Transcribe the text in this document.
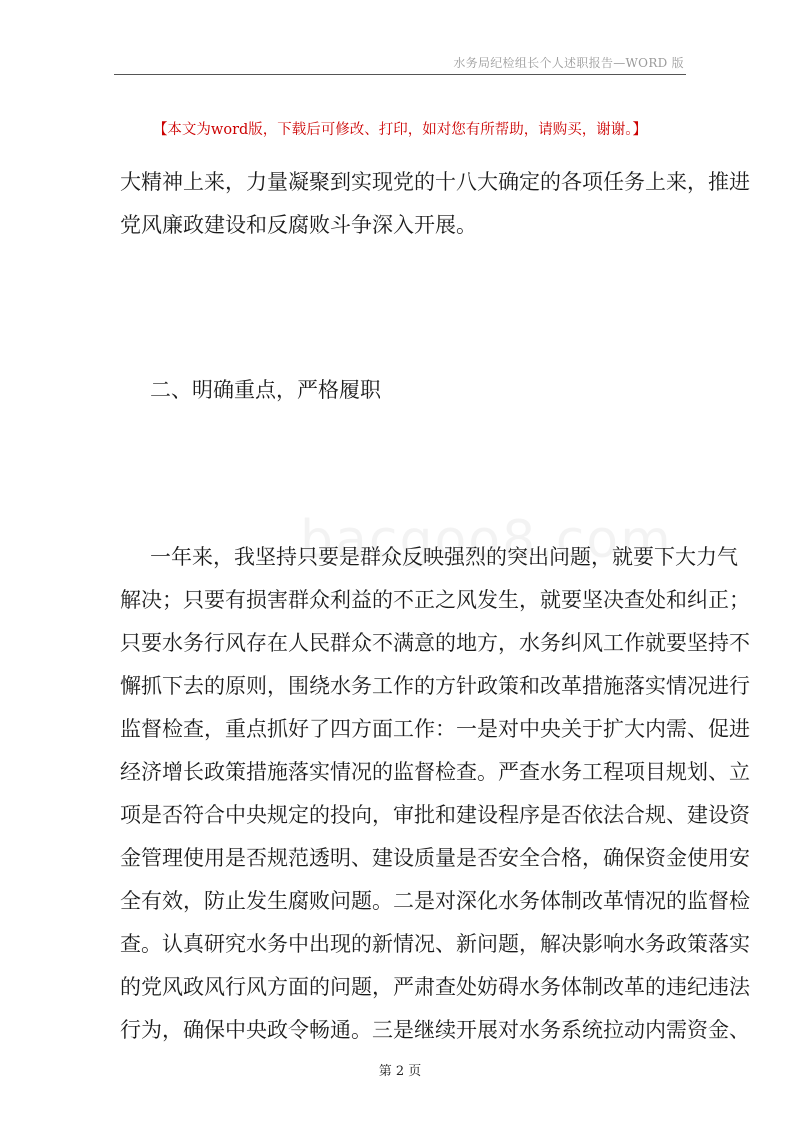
水务局纪检组长个人述职报告—WORD 版
【本文为word版，下载后可修改、打印，如对您有所帮助，请购买，谢谢。】
大精神上来，力量凝聚到实现党的十八大确定的各项任务上来，推进
党风廉政建设和反腐败斗争深入开展。
二、明确重点，严格履职
一年来，我坚持只要是群众反映强烈的突出问题，就要下大力气
解决；只要有损害群众利益的不正之风发生，就要坚决查处和纠正；
只要水务行风存在人民群众不满意的地方，水务纠风工作就要坚持不
懈抓下去的原则，围绕水务工作的方针政策和改革措施落实情况进行
监督检查，重点抓好了四方面工作：一是对中央关于扩大内需、促进
经济增长政策措施落实情况的监督检查。严查水务工程项目规划、立
项是否符合中央规定的投向，审批和建设程序是否依法合规、建设资
金管理使用是否规范透明、建设质量是否安全合格，确保资金使用安
全有效，防止发生腐败问题。二是对深化水务体制改革情况的监督检
查。认真研究水务中出现的新情况、新问题，解决影响水务政策落实
的党风政风行风方面的问题，严肃查处妨碍水务体制改革的违纪违法
行为，确保中央政令畅通。三是继续开展对水务系统拉动内需资金、
第 2 页
